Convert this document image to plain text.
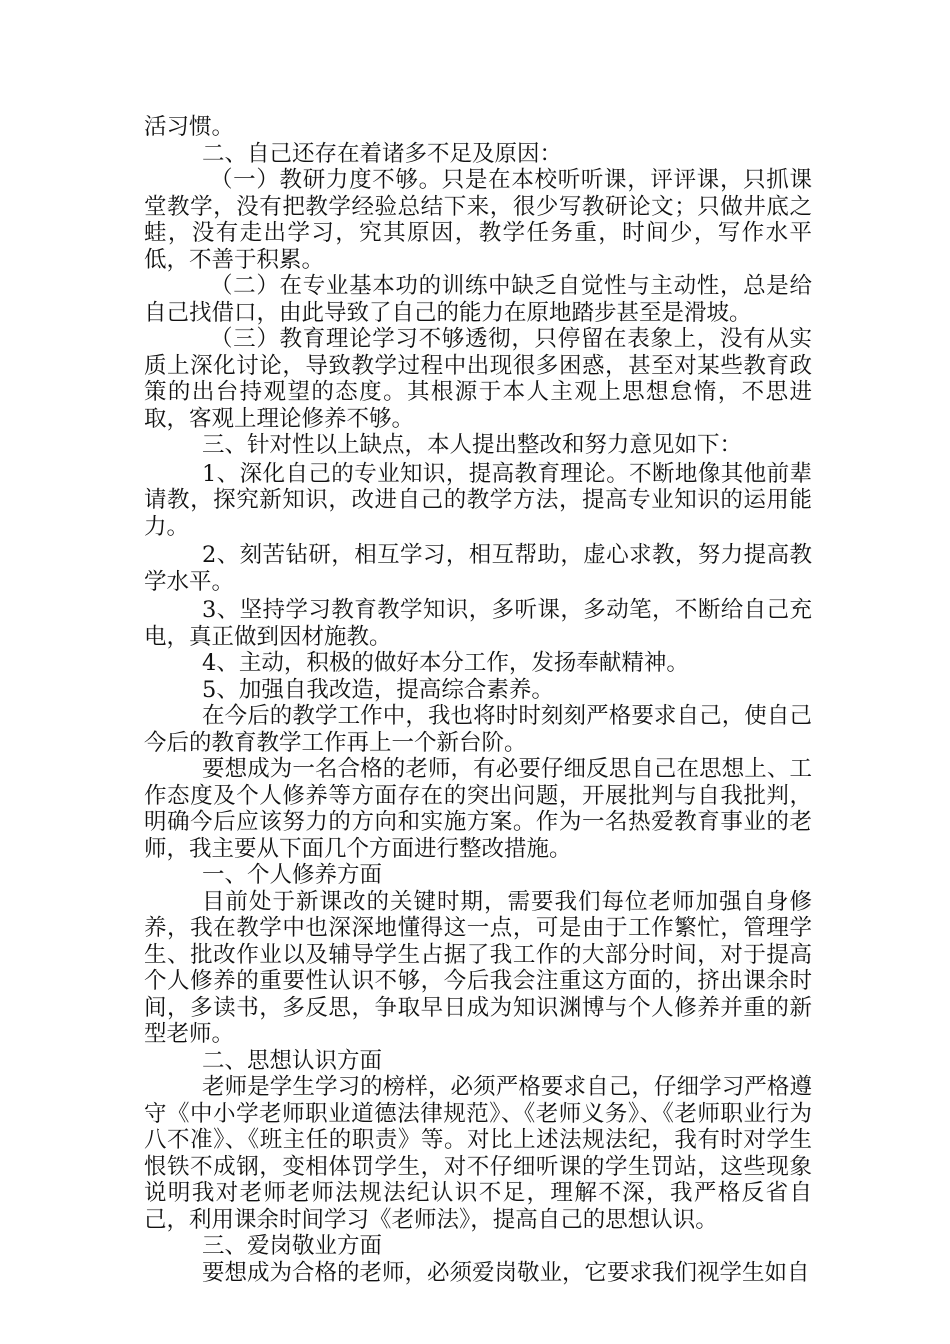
活习惯。

二、自己还存在着诸多不足及原因：

（一）教研力度不够。只是在本校听听课，评评课，只抓课堂教学，没有把教学经验总结下来，很少写教研论文；只做井底之蛙，没有走出学习，究其原因，教学任务重，时间少，写作水平低，不善于积累。

（二）在专业基本功的训练中缺乏自觉性与主动性，总是给自己找借口，由此导致了自己的能力在原地踏步甚至是滑坡。

（三）教育理论学习不够透彻，只停留在表象上，没有从实质上深化讨论，导致教学过程中出现很多困惑，甚至对某些教育政策的出台持观望的态度。其根源于本人主观上思想怠惰，不思进取，客观上理论修养不够。

三、针对性以上缺点，本人提出整改和努力意见如下：

1、深化自己的专业知识，提高教育理论。不断地像其他前辈请教，探究新知识，改进自己的教学方法，提高专业知识的运用能力。

2、刻苦钻研，相互学习，相互帮助，虚心求教，努力提高教学水平。

3、坚持学习教育教学知识，多听课，多动笔，不断给自己充电，真正做到因材施教。

4、主动，积极的做好本分工作，发扬奉献精神。

5、加强自我改造，提高综合素养。

在今后的教学工作中，我也将时时刻刻严格要求自己，使自己今后的教育教学工作再上一个新台阶。

要想成为一名合格的老师，有必要仔细反思自己在思想上、工作态度及个人修养等方面存在的突出问题，开展批判与自我批判，明确今后应该努力的方向和实施方案。作为一名热爱教育事业的老师，我主要从下面几个方面进行整改措施。

一、个人修养方面

目前处于新课改的关键时期，需要我们每位老师加强自身修养，我在教学中也深深地懂得这一点，可是由于工作繁忙，管理学生、批改作业以及辅导学生占据了我工作的大部分时间，对于提高个人修养的重要性认识不够，今后我会注重这方面的，挤出课余时间，多读书，多反思，争取早日成为知识渊博与个人修养并重的新型老师。

二、思想认识方面

老师是学生学习的榜样，必须严格要求自己，仔细学习严格遵守《中小学老师职业道德法律规范》、《老师义务》、《老师职业行为八不准》、《班主任的职责》等。对比上述法规法纪，我有时对学生恨铁不成钢，变相体罚学生，对不仔细听课的学生罚站，这些现象说明我对老师老师法规法纪认识不足，理解不深，我严格反省自己，利用课余时间学习《老师法》，提高自己的思想认识。

三、爱岗敬业方面

要想成为合格的老师，必须爱岗敬业，它要求我们视学生如自
